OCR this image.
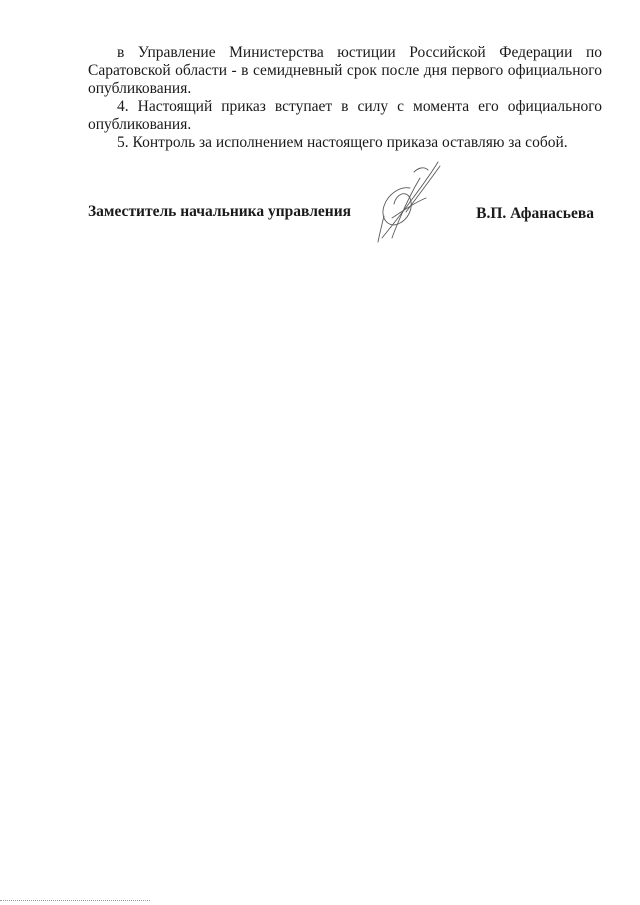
в Управление Министерства юстиции Российской Федерации по Саратовской области - в семидневный срок после дня первого официального опубликования.

4. Настоящий приказ вступает в силу с момента его официального опубликования.

5. Контроль за исполнением настоящего приказа оставляю за собой.

Заместитель начальника управления	В.П. Афанасьева
